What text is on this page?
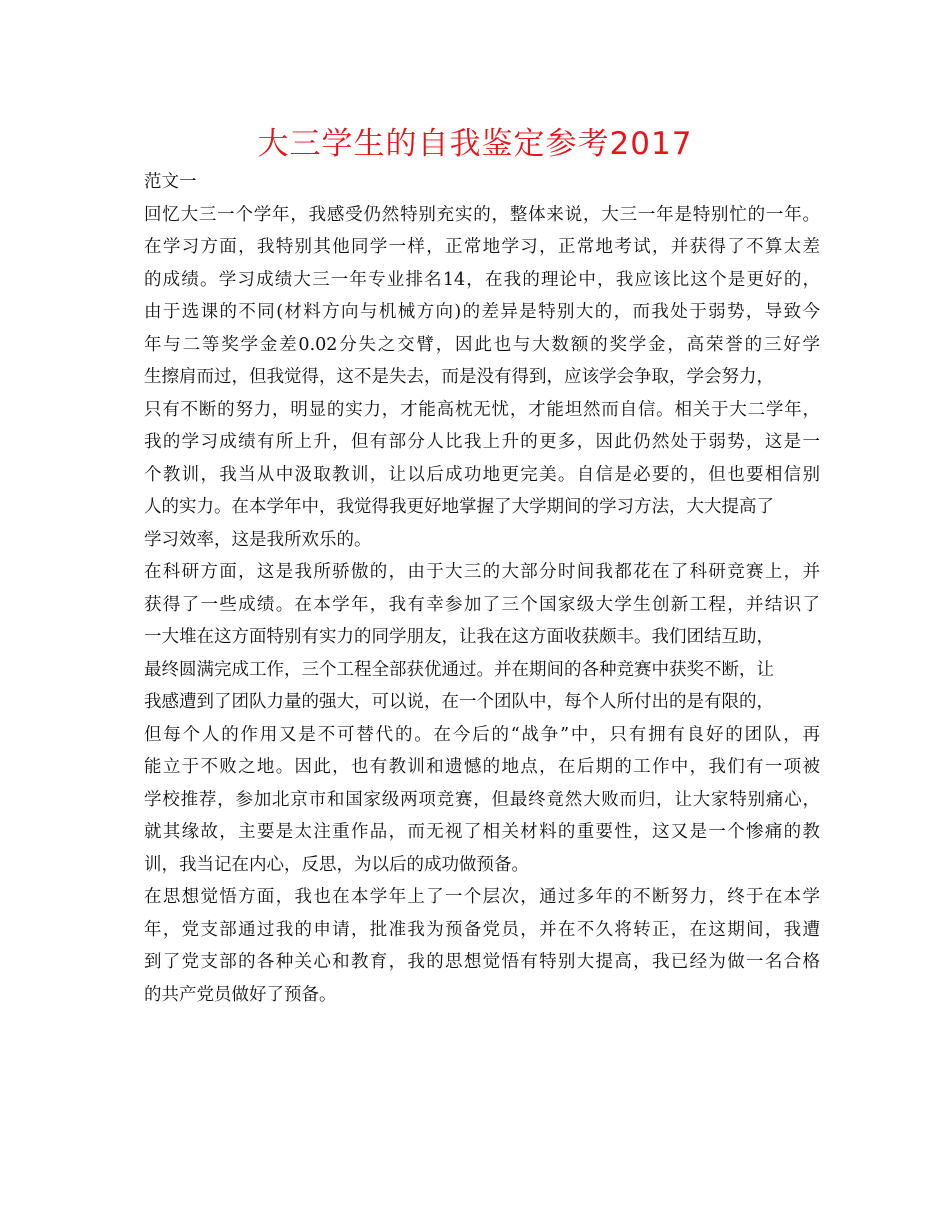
大三学生的自我鉴定参考2017
范文一
回忆大三一个学年，我感受仍然特别充实的，整体来说，大三一年是特别忙的一年。
在学习方面，我特别其他同学一样，正常地学习，正常地考试，并获得了不算太差
的成绩。学习成绩大三一年专业排名14，在我的理论中，我应该比这个是更好的，
由于选课的不同(材料方向与机械方向)的差异是特别大的，而我处于弱势，导致今
年与二等奖学金差0.02分失之交臂，因此也与大数额的奖学金，高荣誉的三好学
生擦肩而过，但我觉得，这不是失去，而是没有得到，应该学会争取，学会努力，
只有不断的努力，明显的实力，才能高枕无忧，才能坦然而自信。相关于大二学年，
我的学习成绩有所上升，但有部分人比我上升的更多，因此仍然处于弱势，这是一
个教训，我当从中汲取教训，让以后成功地更完美。自信是必要的，但也要相信别
人的实力。在本学年中，我觉得我更好地掌握了大学期间的学习方法，大大提高了
学习效率，这是我所欢乐的。
在科研方面，这是我所骄傲的，由于大三的大部分时间我都花在了科研竞赛上，并
获得了一些成绩。在本学年，我有幸参加了三个国家级大学生创新工程，并结识了
一大堆在这方面特别有实力的同学朋友，让我在这方面收获颇丰。我们团结互助，
最终圆满完成工作，三个工程全部获优通过。并在期间的各种竞赛中获奖不断，让
我感遭到了团队力量的强大，可以说，在一个团队中，每个人所付出的是有限的，
但每个人的作用又是不可替代的。在今后的“战争”中，只有拥有良好的团队，再
能立于不败之地。因此，也有教训和遗憾的地点，在后期的工作中，我们有一项被
学校推荐，参加北京市和国家级两项竞赛，但最终竟然大败而归，让大家特别痛心，
就其缘故，主要是太注重作品，而无视了相关材料的重要性，这又是一个惨痛的教
训，我当记在内心，反思，为以后的成功做预备。
在思想觉悟方面，我也在本学年上了一个层次，通过多年的不断努力，终于在本学
年，党支部通过我的申请，批准我为预备党员，并在不久将转正，在这期间，我遭
到了党支部的各种关心和教育，我的思想觉悟有特别大提高，我已经为做一名合格
的共产党员做好了预备。
